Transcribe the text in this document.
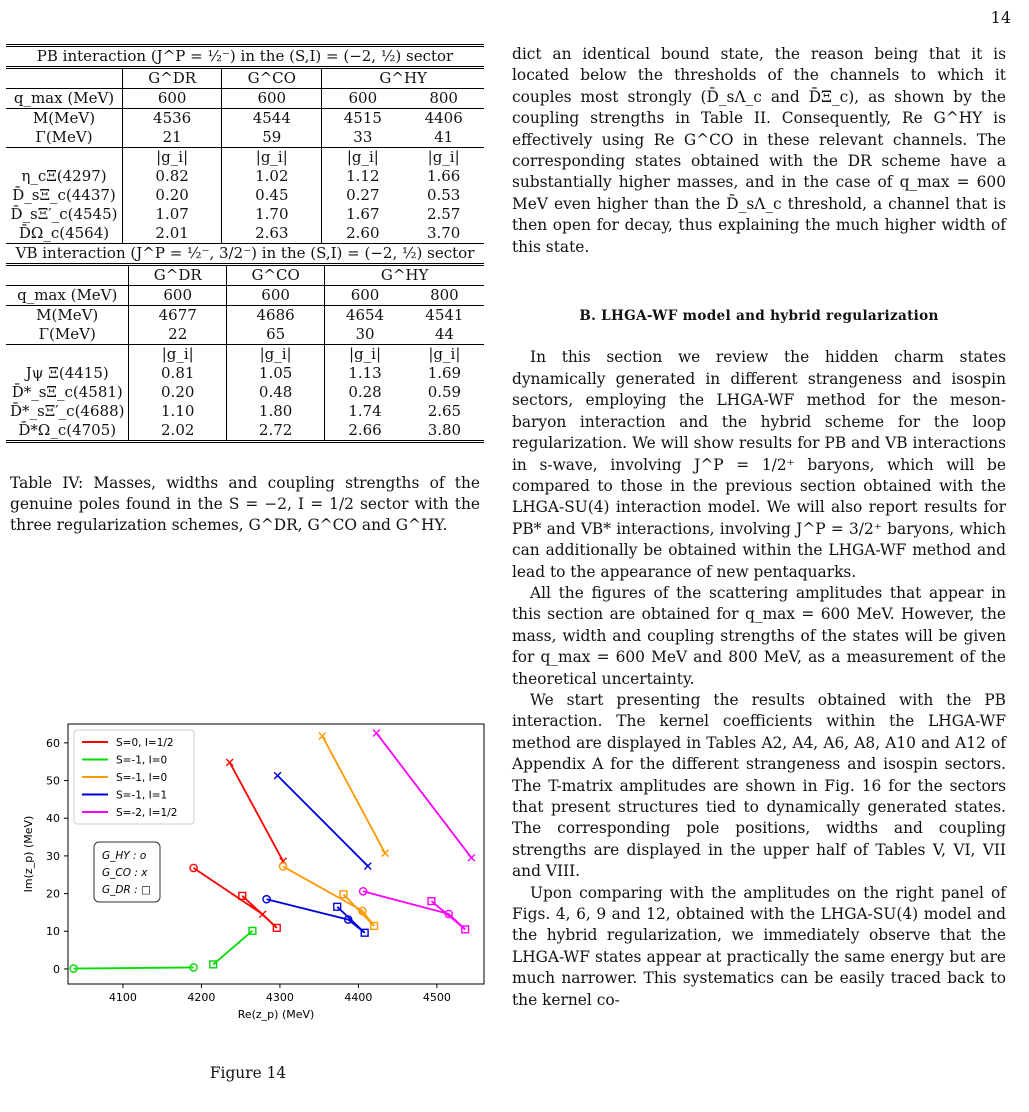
14
PB interaction (J^P = ½⁻) in the (S,I) = (−2, ½) sector				
	G^DR	G^CO	G^HY	
q_max (MeV)	600	600	600	800
M(MeV)	4536	4544	4515	4406
Γ(MeV)	21	59	33	41
	|g_i|	|g_i|	|g_i|	|g_i|
η_cΞ(4297)	0.82	1.02	1.12	1.66
D̄_sΞ_c(4437)	0.20	0.45	0.27	0.53
D̄_sΞ′_c(4545)	1.07	1.70	1.67	2.57
D̄Ω_c(4564)	2.01	2.63	2.60	3.70
VB interaction (J^P = ½⁻, 3/2⁻) in the (S,I) = (−2, ½) sector				
	G^DR	G^CO	G^HY	
q_max (MeV)	600	600	600	800
M(MeV)	4677	4686	4654	4541
Γ(MeV)	22	65	30	44
	|g_i|	|g_i|	|g_i|	|g_i|
Jψ Ξ(4415)	0.81	1.05	1.13	1.69
D̄*_sΞ_c(4581)	0.20	0.48	0.28	0.59
D̄*_sΞ′_c(4688)	1.10	1.80	1.74	2.65
D̄*Ω_c(4705)	2.02	2.72	2.66	3.80
Table IV: Masses, widths and coupling strengths of the genuine poles found in the S = −2, I = 1/2 sector with the three regularization schemes, G^DR, G^CO and G^HY.
4100	4200	4300	4400	4500
0
10
20
30
40
50
60
Re(z_p) (MeV)
Im(z_p) (MeV)
S=0, I=1/2
S=-1, I=0
S=-1, I=0
S=-1, I=1
S=-2, I=1/2
G_HY : o
G_CO : x
G_DR : □
Figure 14

dict an identical bound state, the reason being that it is located below the thresholds of the channels to which it couples most strongly (D̄_sΛ_c and D̄Ξ_c), as shown by the coupling strengths in Table II. Consequently, Re G^HY is effectively using Re G^CO in these relevant channels. The corresponding states obtained with the DR scheme have a substantially higher masses, and in the case of q_max = 600 MeV even higher than the D̄_sΛ_c threshold, a channel that is then open for decay, thus explaining the much higher width of this state.

B. LHGA-WF model and hybrid regularization

In this section we review the hidden charm states dynamically generated in different strangeness and isospin sectors, employing the LHGA-WF method for the meson-baryon interaction and the hybrid scheme for the loop regularization. We will show results for PB and VB interactions in s-wave, involving J^P = 1/2⁺ baryons, which will be compared to those in the previous section obtained with the LHGA-SU(4) interaction model. We will also report results for PB* and VB* interactions, involving J^P = 3/2⁺ baryons, which can additionally be obtained within the LHGA-WF method and lead to the appearance of new pentaquarks.

All the figures of the scattering amplitudes that appear in this section are obtained for q_max = 600 MeV. However, the mass, width and coupling strengths of the states will be given for q_max = 600 MeV and 800 MeV, as a measurement of the theoretical uncertainty.

We start presenting the results obtained with the PB interaction. The kernel coefficients within the LHGA-WF method are displayed in Tables A2, A4, A6, A8, A10 and A12 of Appendix A for the different strangeness and isospin sectors. The T-matrix amplitudes are shown in Fig. 16 for the sectors that present structures tied to dynamically generated states. The corresponding pole positions, widths and coupling strengths are displayed in the upper half of Tables V, VI, VII and VIII.

Upon comparing with the amplitudes on the right panel of Figs. 4, 6, 9 and 12, obtained with the LHGA-SU(4) model and the hybrid regularization, we immediately observe that the LHGA-WF states appear at practically the same energy but are much narrower. This systematics can be easily traced back to the kernel co-
